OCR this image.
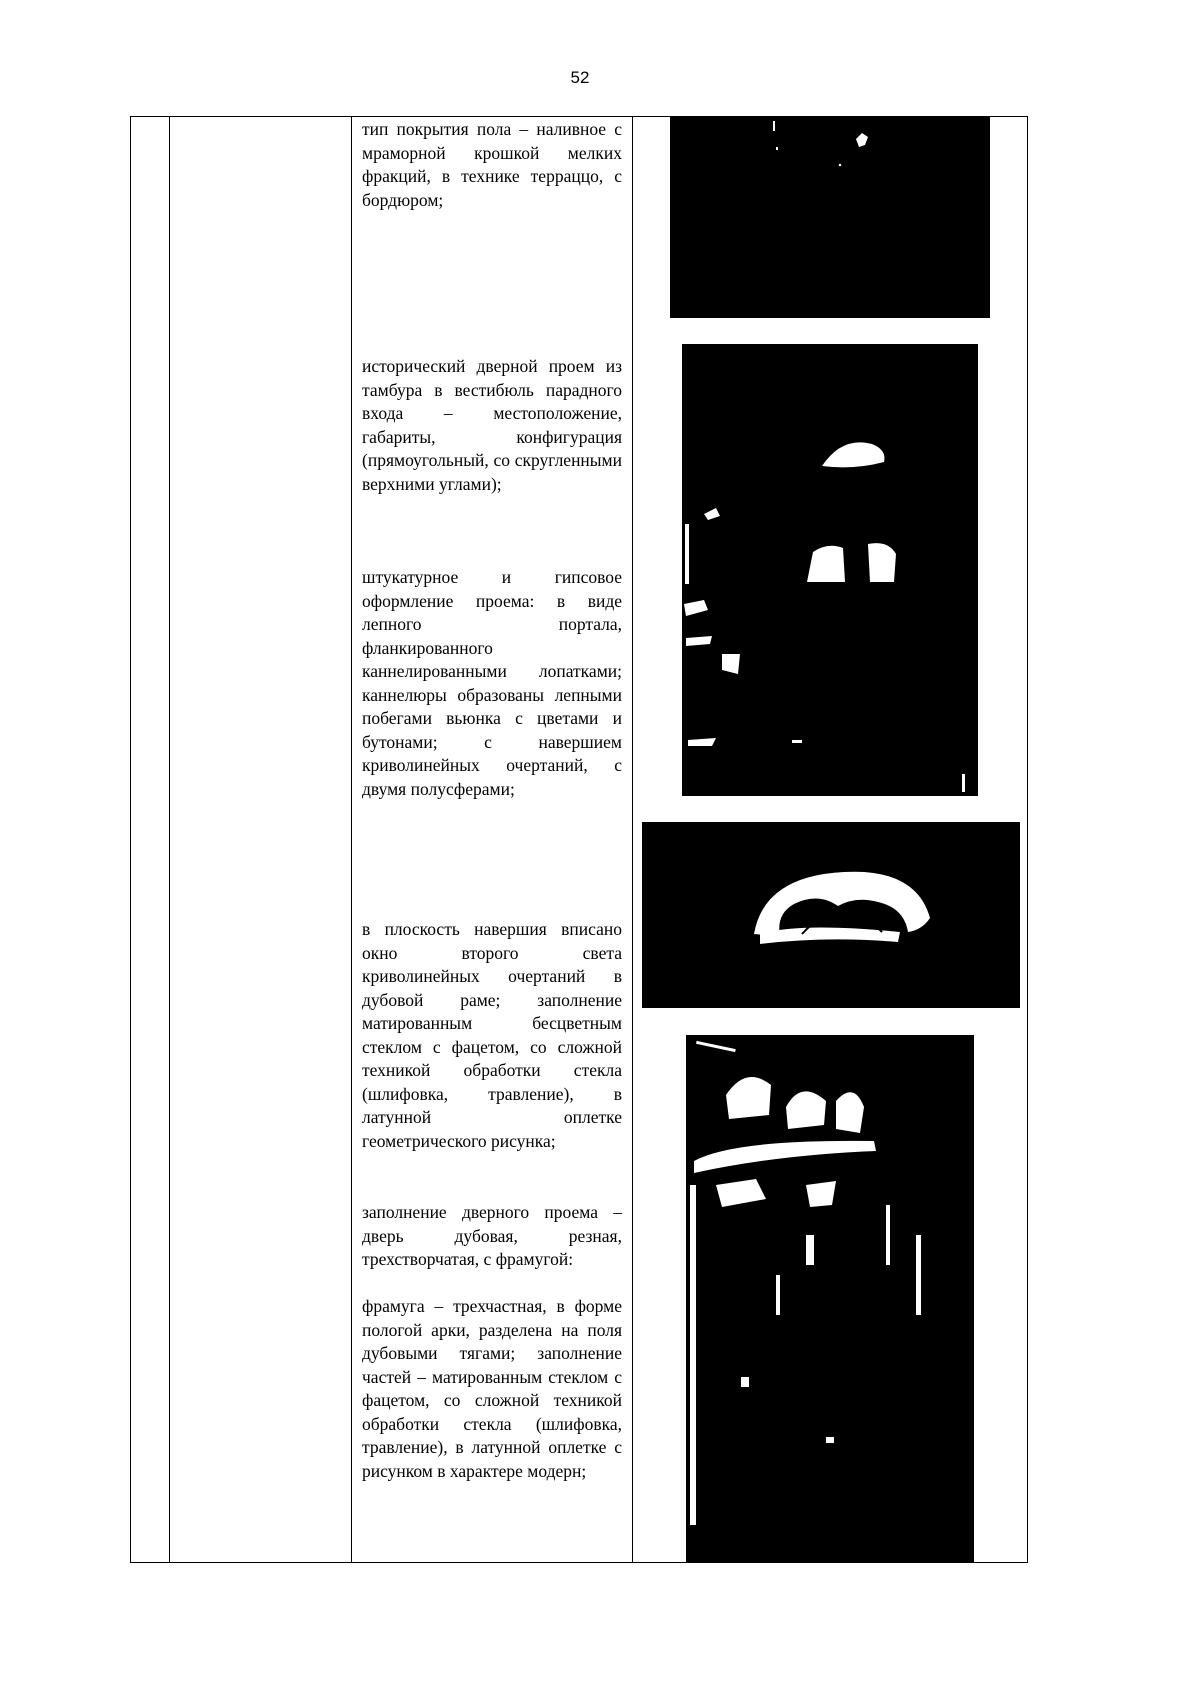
52

тип покрытия пола – наливное с мраморной крошкой мелких фракций, в технике терраццо, с бордюром;

исторический дверной проем из тамбура в вестибюль парадного входа – местоположение, габариты, конфигурация (прямоугольный, со скругленными верхними углами);

штукатурное и гипсовое оформление проема: в виде лепного портала, фланкированного каннелированными лопатками; каннелюры образованы лепными побегами вьюнка с цветами и бутонами; с навершием криволинейных очертаний, с двумя полусферами;

в плоскость навершия вписано окно второго света криволинейных очертаний в дубовой раме; заполнение матированным бесцветным стеклом с фацетом, со сложной техникой обработки стекла (шлифовка, травление), в латунной оплетке геометрического рисунка;

заполнение дверного проема – дверь дубовая, резная, трехстворчатая, с фрамугой:

фрамуга – трехчастная, в форме пологой арки, разделена на поля дубовыми тягами; заполнение частей – матированным стеклом с фацетом, со сложной техникой обработки стекла (шлифовка, травление), в латунной оплетке с рисунком в характере модерн;
